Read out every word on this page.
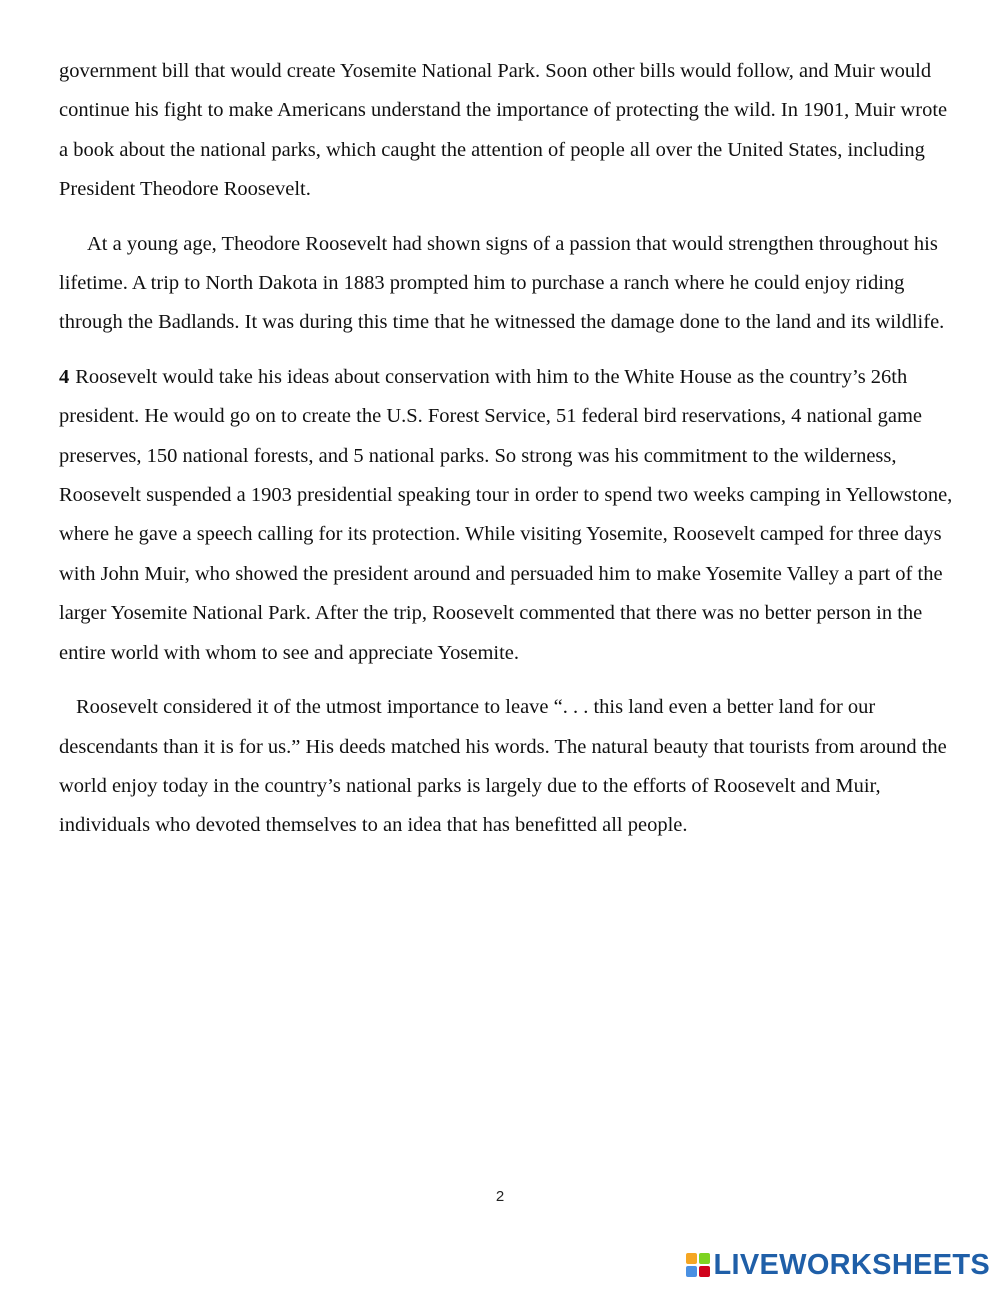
government bill that would create Yosemite National Park. Soon other bills would follow, and Muir would continue his fight to make Americans understand the importance of protecting the wild. In 1901, Muir wrote a book about the national parks, which caught the attention of people all over the United States, including President Theodore Roosevelt.

At a young age, Theodore Roosevelt had shown signs of a passion that would strengthen throughout his lifetime. A trip to North Dakota in 1883 prompted him to purchase a ranch where he could enjoy riding through the Badlands. It was during this time that he witnessed the damage done to the land and its wildlife.

4 Roosevelt would take his ideas about conservation with him to the White House as the country’s 26th president. He would go on to create the U.S. Forest Service, 51 federal bird reservations, 4 national game preserves, 150 national forests, and 5 national parks. So strong was his commitment to the wilderness, Roosevelt suspended a 1903 presidential speaking tour in order to spend two weeks camping in Yellowstone, where he gave a speech calling for its protection. While visiting Yosemite, Roosevelt camped for three days with John Muir, who showed the president around and persuaded him to make Yosemite Valley a part of the larger Yosemite National Park. After the trip, Roosevelt commented that there was no better person in the entire world with whom to see and appreciate Yosemite.

Roosevelt considered it of the utmost importance to leave “. . . this land even a better land for our descendants than it is for us.” His deeds matched his words. The natural beauty that tourists from around the world enjoy today in the country’s national parks is largely due to the efforts of Roosevelt and Muir, individuals who devoted themselves to an idea that has benefitted all people.

2
LIVEWORKSHEETS
